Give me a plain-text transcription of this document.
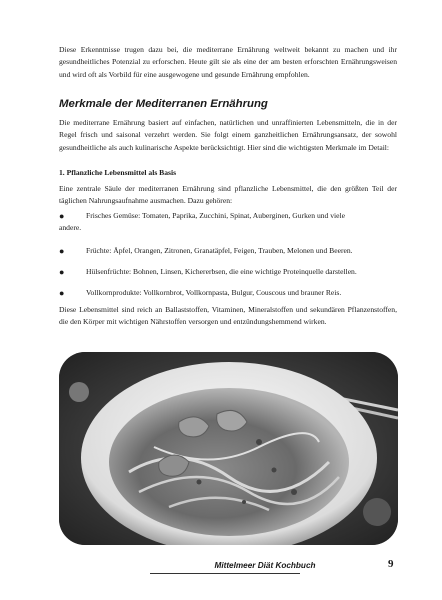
Diese Erkenntnisse trugen dazu bei, die mediterrane Ernährung weltweit bekannt zu machen und ihr gesundheitliches Potenzial zu erforschen. Heute gilt sie als eine der am besten erforschten Ernährungsweisen und wird oft als Vorbild für eine ausgewogene und gesunde Ernährung empfohlen.

Merkmale der Mediterranen Ernährung

Die mediterrane Ernährung basiert auf einfachen, natürlichen und unraffinierten Lebensmitteln, die in der Regel frisch und saisonal verzehrt werden. Sie folgt einem ganzheitlichen Ernährungsansatz, der sowohl gesundheitliche als auch kulinarische Aspekte berücksichtigt. Hier sind die wichtigsten Merkmale im Detail:

1. Pflanzliche Lebensmittel als Basis

Eine zentrale Säule der mediterranen Ernährung sind pflanzliche Lebensmittel, die den größten Teil der täglichen Nahrungsaufnahme ausmachen. Dazu gehören:

●	Frisches Gemüse: Tomaten, Paprika, Zucchini, Spinat, Auberginen, Gurken und viele
andere.
●	Früchte: Äpfel, Orangen, Zitronen, Granatäpfel, Feigen, Trauben, Melonen und Beeren.
●	Hülsenfrüchte: Bohnen, Linsen, Kichererbsen, die eine wichtige Proteinquelle darstellen.
●	Vollkornprodukte: Vollkornbrot, Vollkornpasta, Bulgur, Couscous und brauner Reis.

Diese Lebensmittel sind reich an Ballaststoffen, Vitaminen, Mineralstoffen und sekundären Pflanzenstoffen, die den Körper mit wichtigen Nährstoffen versorgen und entzündungshemmend wirken.

Mittelmeer Diät Kochbuch	9
